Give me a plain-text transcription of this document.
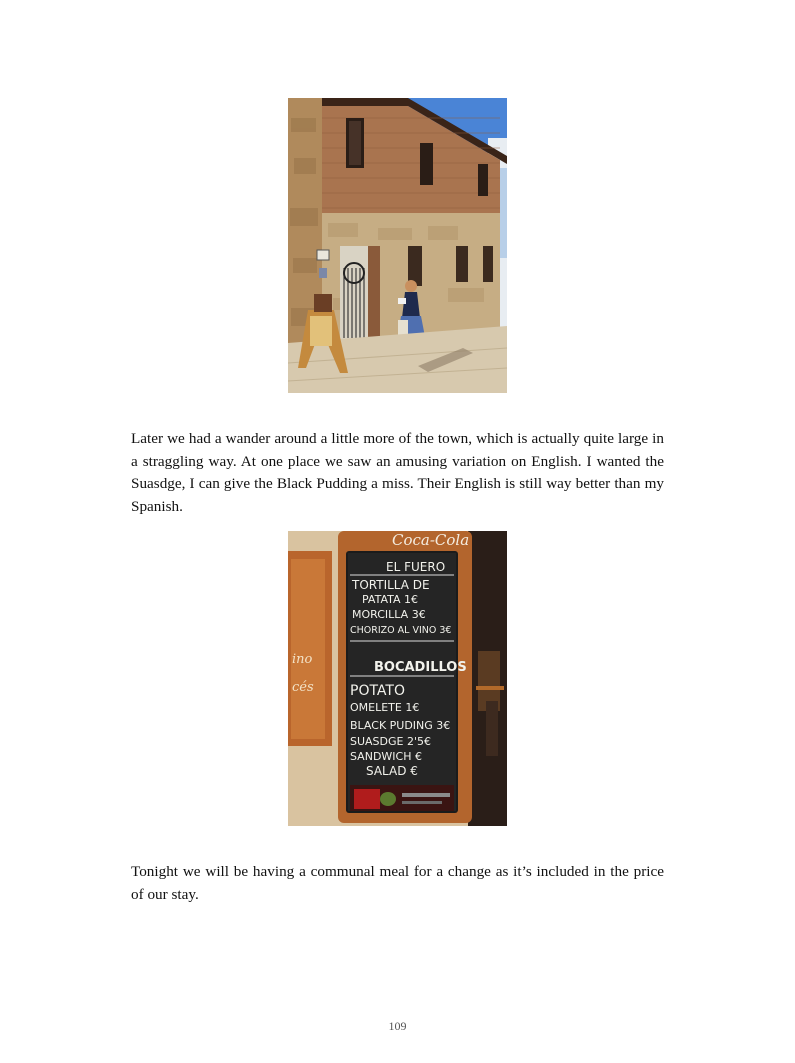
Later we had a wander around a little more of the town, which is actually quite large in a straggling way. At one place we saw an amusing variation on English. I wanted the Suasdge, I can give the Black Pudding a miss. Their English is still way better than my Spanish.

ino
cés
Coca-Cola
EL FUERO
TORTILLA DE
PATATA 1€
MORCILLA 3€
CHORIZO AL VINO 3€
BOCADILLOS
POTATO
OMELETE 1€
BLACK PUDING 3€
SUASDGE 2'5€
SANDWICH €
SALAD €

Tonight we will be having a communal meal for a change as it’s included in the price of our stay.

109
